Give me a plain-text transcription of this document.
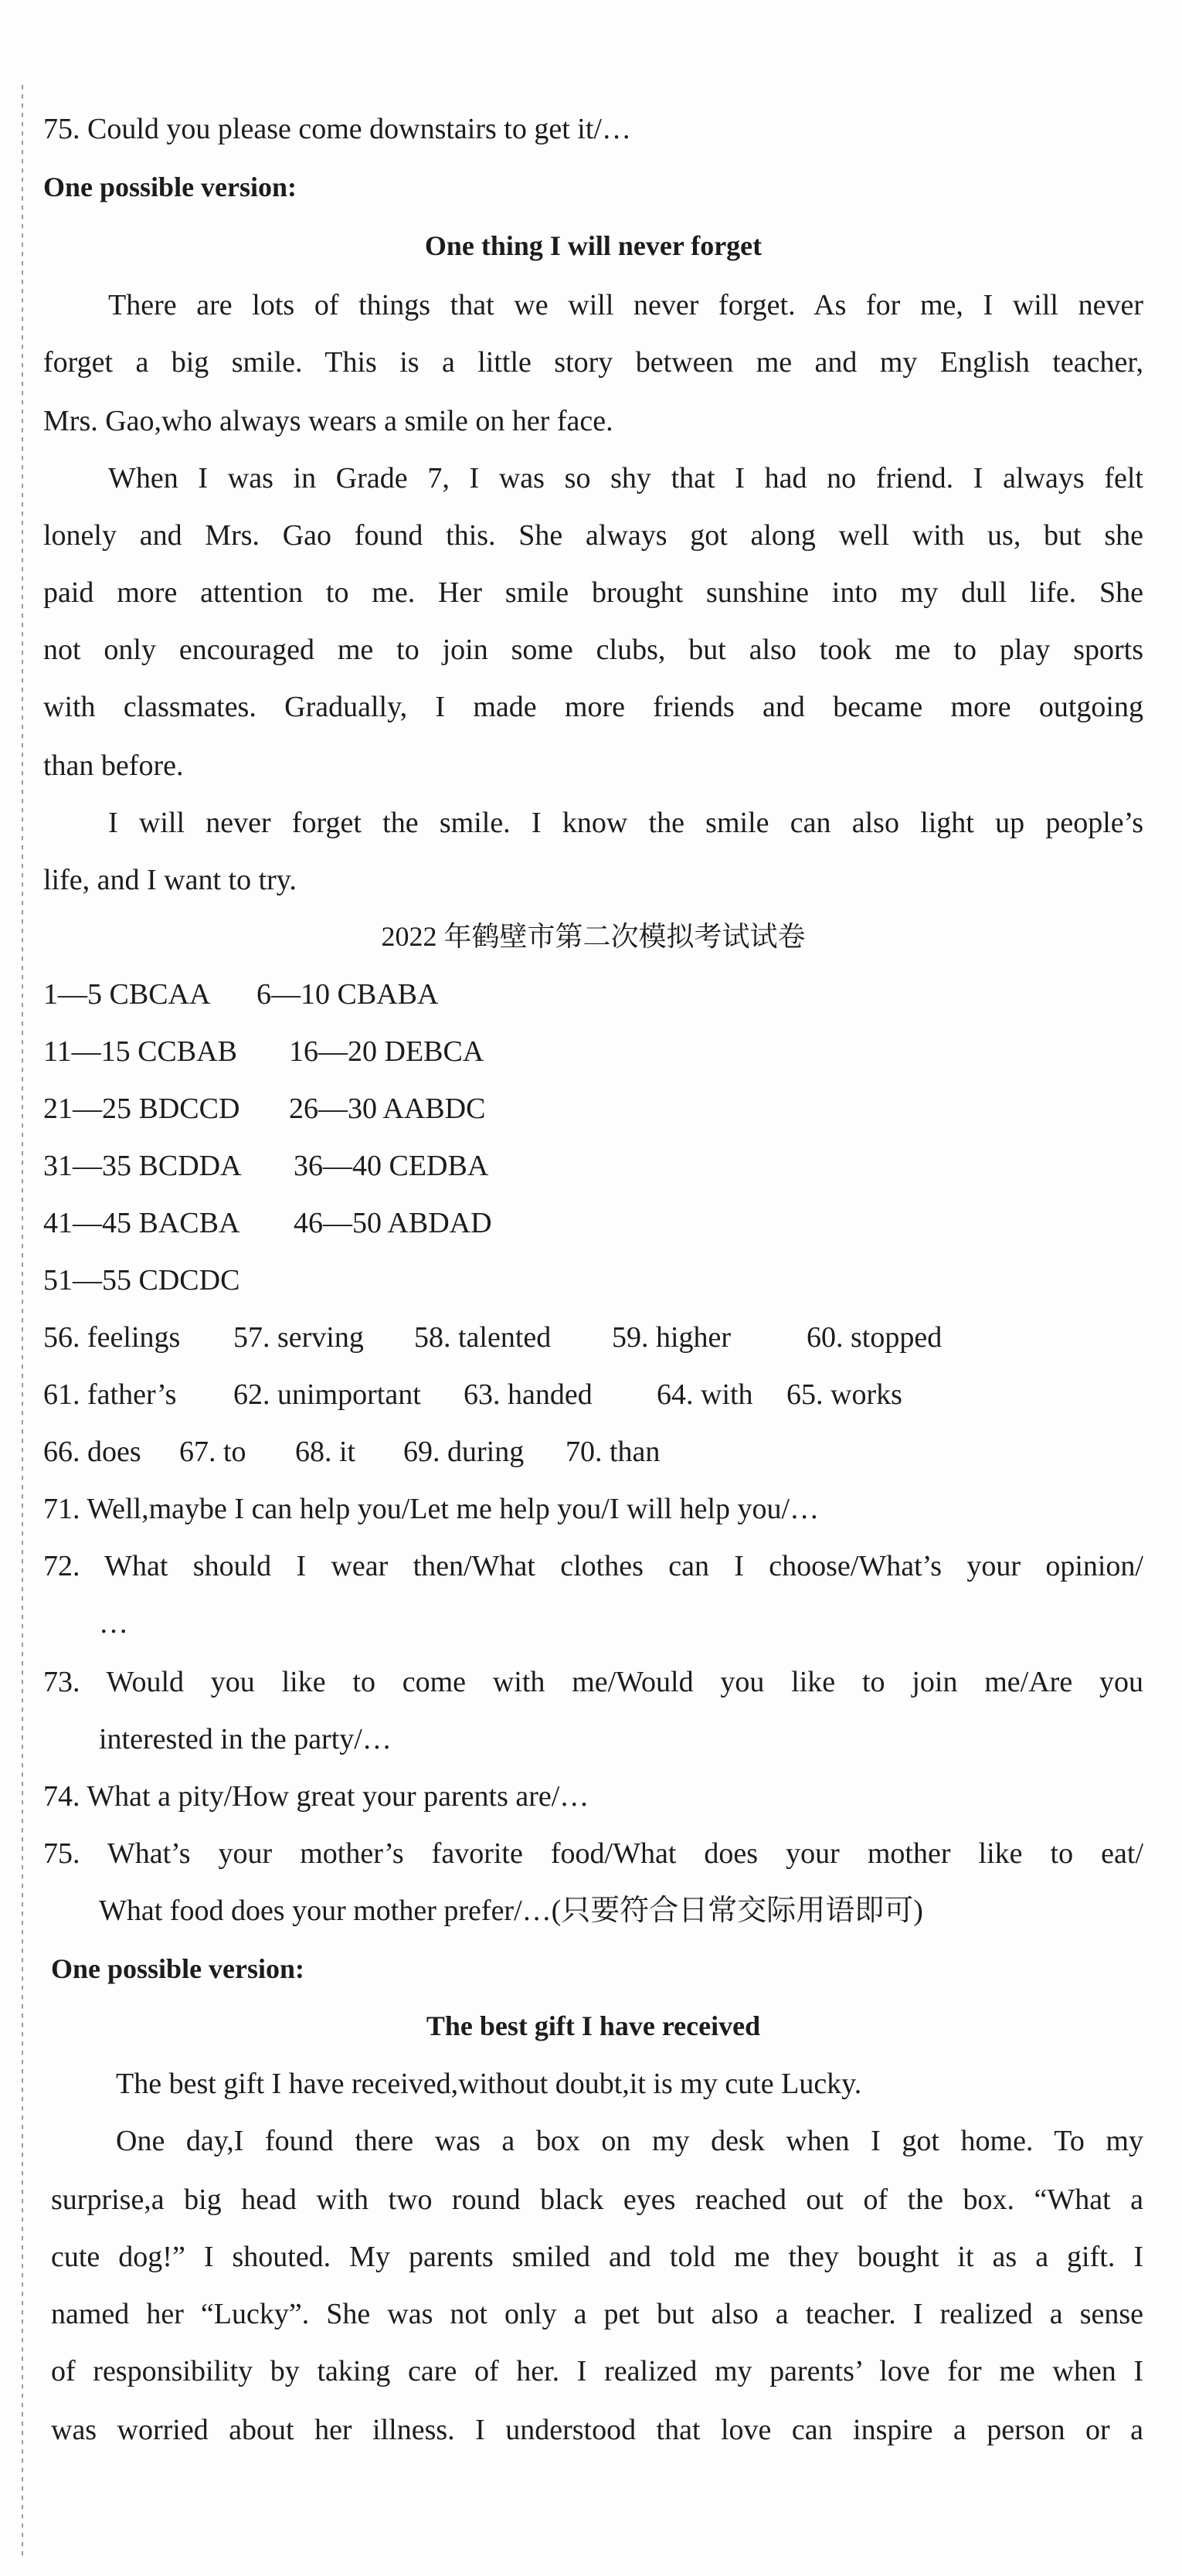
75. Could you please come downstairs to get it/…
One possible version:
One thing I will never forget
There are lots of things that we will never forget. As for me, I will never
forget a big smile. This is a little story between me and my English teacher,
Mrs. Gao,who always wears a smile on her face.
When I was in Grade 7, I was so shy that I had no friend. I always felt
lonely and Mrs. Gao found this. She always got along well with us, but she
paid more attention to me. Her smile brought sunshine into my dull life. She
not only encouraged me to join some clubs, but also took me to play sports
with classmates. Gradually, I made more friends and became more outgoing
than before.
I will never forget the smile. I know the smile can also light up people’s
life, and I want to try.
2022 年鹤壁市第二次模拟考试试卷
1—5 CBCAA 6—10 CBABA
11—15 CCBAB 16—20 DEBCA
21—25 BDCCD 26—30 AABDC
31—35 BCDDA 36—40 CEDBA
41—45 BACBA 46—50 ABDAD
51—55 CDCDC
56. feelings 57. serving 58. talented 59. higher	60. stopped
61. father’s 62. unimportant 63. handed 64. with 65. works
66. does 67. to 68. it 69. during 70. than
71. Well,maybe I can help you/Let me help you/I will help you/…
72. What should I wear then/What clothes can I choose/What’s your opinion/
…
73. Would you like to come with me/Would you like to join me/Are you
interested in the party/…
74. What a pity/How great your parents are/…
75. What’s your mother’s favorite food/What does your mother like to eat/
What food does your mother prefer/…(只要符合日常交际用语即可)
One possible version:
The best gift I have received
The best gift I have received,without doubt,it is my cute Lucky.
One day,I found there was a box on my desk when I got home. To my
surprise,a big head with two round black eyes reached out of the box. “What a
cute dog!” I shouted. My parents smiled and told me they bought it as a gift. I
named her “Lucky”. She was not only a pet but also a teacher. I realized a sense
of responsibility by taking care of her. I realized my parents’ love for me when I
was worried about her illness. I understood that love can inspire a person or a
